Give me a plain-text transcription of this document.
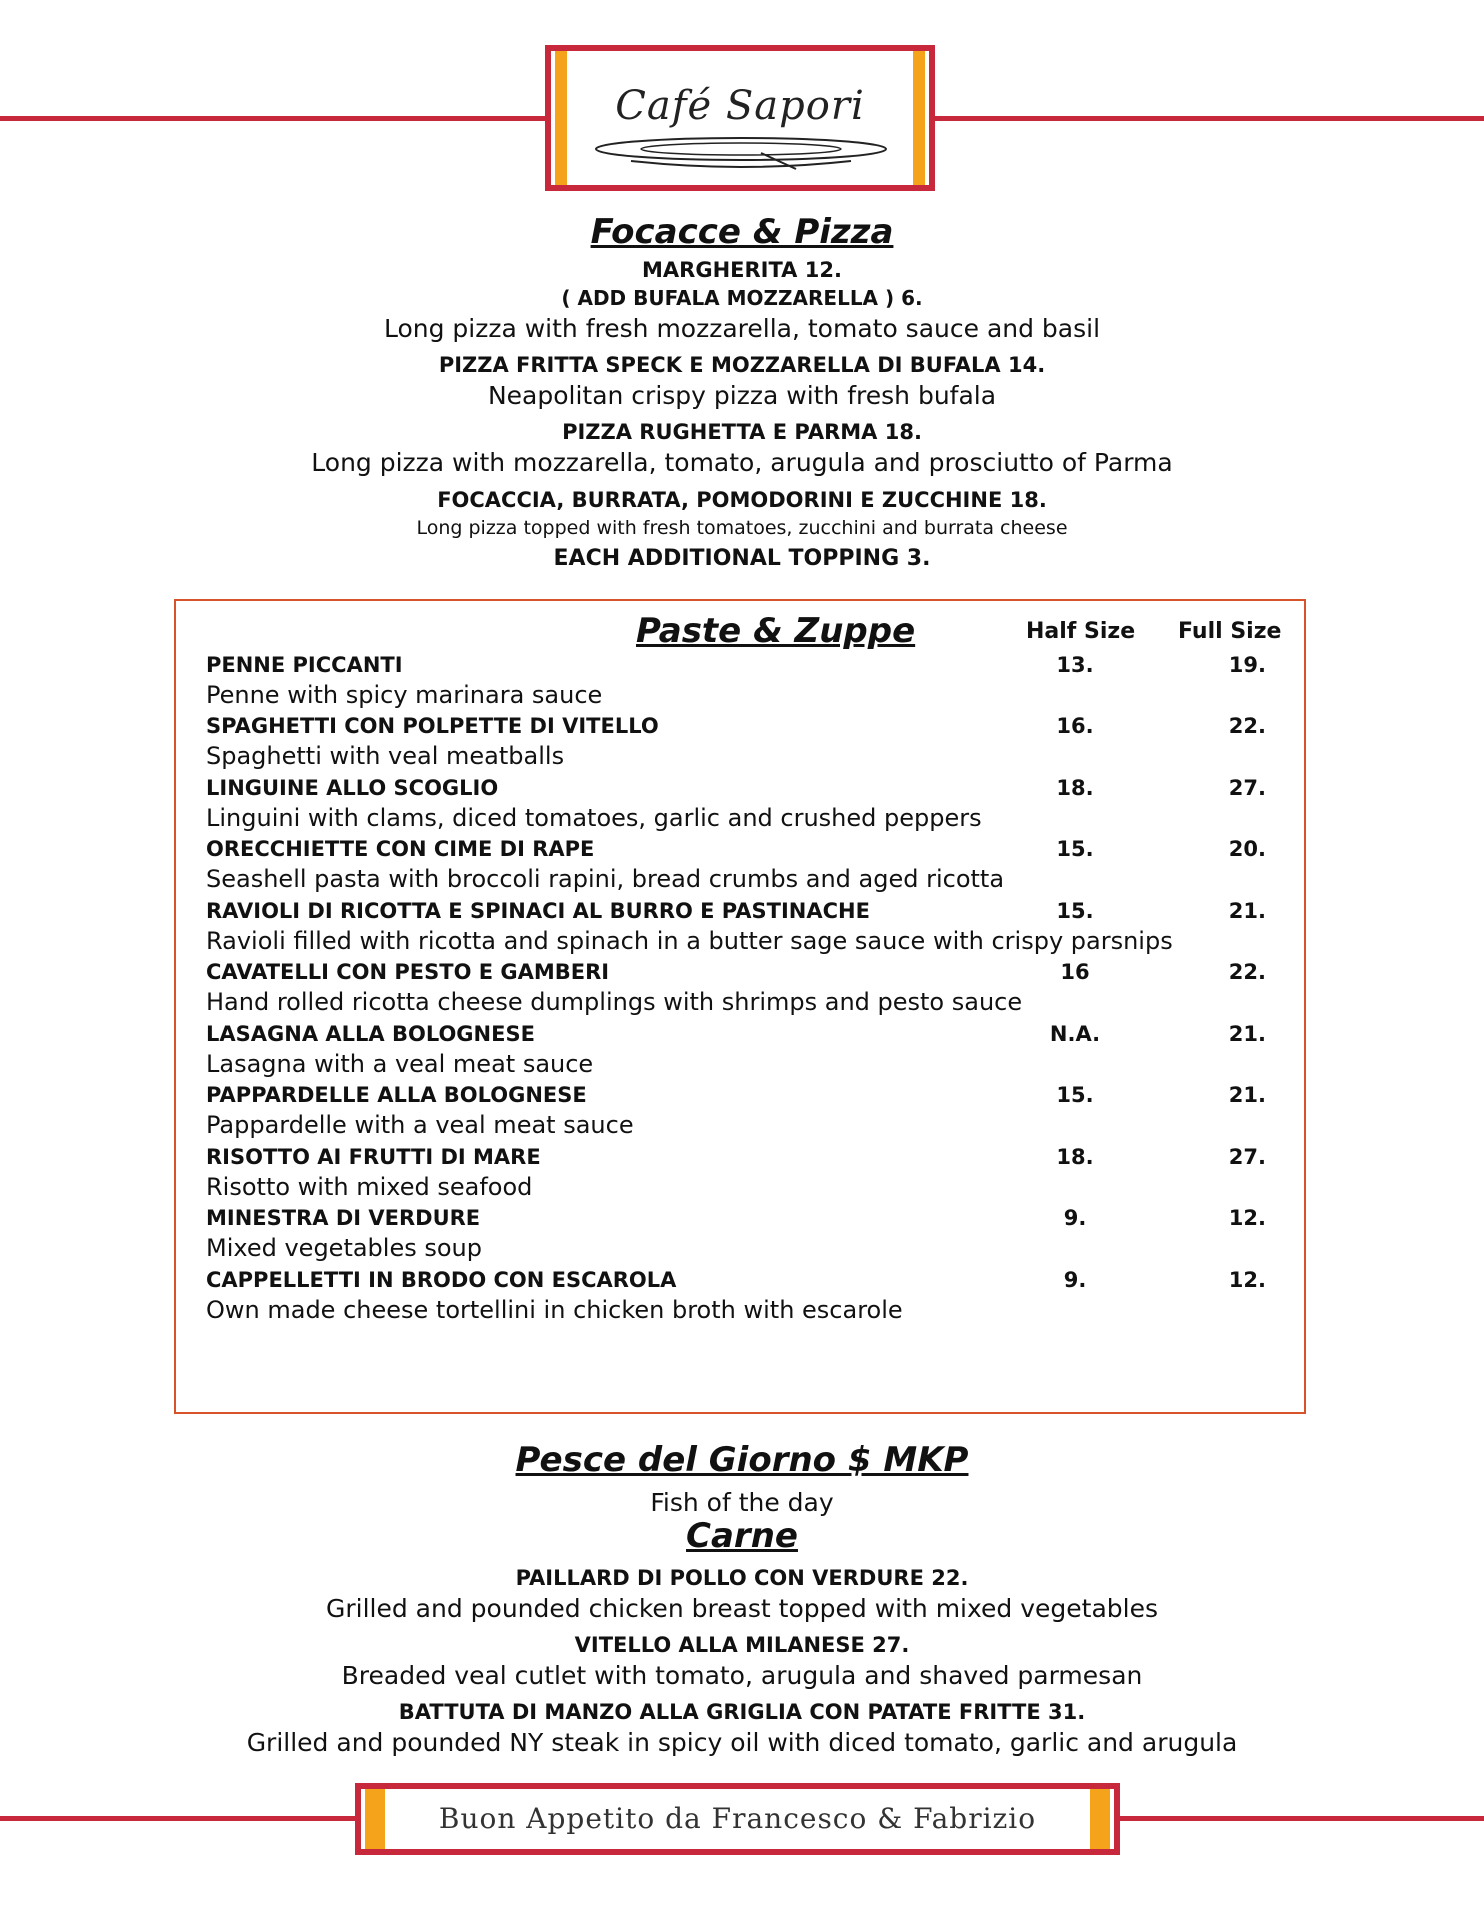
Café Sapori
Focacce & Pizza
MARGHERITA 12.
( ADD BUFALA MOZZARELLA ) 6.
Long pizza with fresh mozzarella, tomato sauce and basil
PIZZA FRITTA SPECK E MOZZARELLA DI BUFALA 14.
Neapolitan crispy pizza with fresh bufala
PIZZA RUGHETTA E PARMA 18.
Long pizza with mozzarella, tomato, arugula and prosciutto of Parma
FOCACCIA, BURRATA, POMODORINI E ZUCCHINE 18.
Long pizza topped with fresh tomatoes, zucchini and burrata cheese
EACH ADDITIONAL TOPPING 3.
Paste & Zuppe	Half Size Full Size
PENNE PICCANTI
Penne with spicy marinara sauce
13.	19.
SPAGHETTI CON POLPETTE DI VITELLO
Spaghetti with veal meatballs
16.	22.
LINGUINE ALLO SCOGLIO
Linguini with clams, diced tomatoes, garlic and crushed peppers
18.	27.
ORECCHIETTE CON CIME DI RAPE
Seashell pasta with broccoli rapini, bread crumbs and aged ricotta
15.	20.
RAVIOLI DI RICOTTA E SPINACI AL BURRO E PASTINACHE
Ravioli filled with ricotta and spinach in a butter sage sauce with crispy parsnips
15.	21.
CAVATELLI CON PESTO E GAMBERI
Hand rolled ricotta cheese dumplings with shrimps and pesto sauce
16	22.
LASAGNA ALLA BOLOGNESE
Lasagna with a veal meat sauce
N.A.	21.
PAPPARDELLE ALLA BOLOGNESE
Pappardelle with a veal meat sauce
15.	21.
RISOTTO AI FRUTTI DI MARE
Risotto with mixed seafood
18.	27.
MINESTRA DI VERDURE
Mixed vegetables soup
9.	12.
CAPPELLETTI IN BRODO CON ESCAROLA
Own made cheese tortellini in chicken broth with escarole
9.	12.
Pesce del Giorno $ MKP
Fish of the day
Carne
PAILLARD DI POLLO CON VERDURE 22.
Grilled and pounded chicken breast topped with mixed vegetables
VITELLO ALLA MILANESE 27.
Breaded veal cutlet with tomato, arugula and shaved parmesan
BATTUTA DI MANZO ALLA GRIGLIA CON PATATE FRITTE 31.
Grilled and pounded NY steak in spicy oil with diced tomato, garlic and arugula
Buon Appetito da Francesco & Fabrizio
